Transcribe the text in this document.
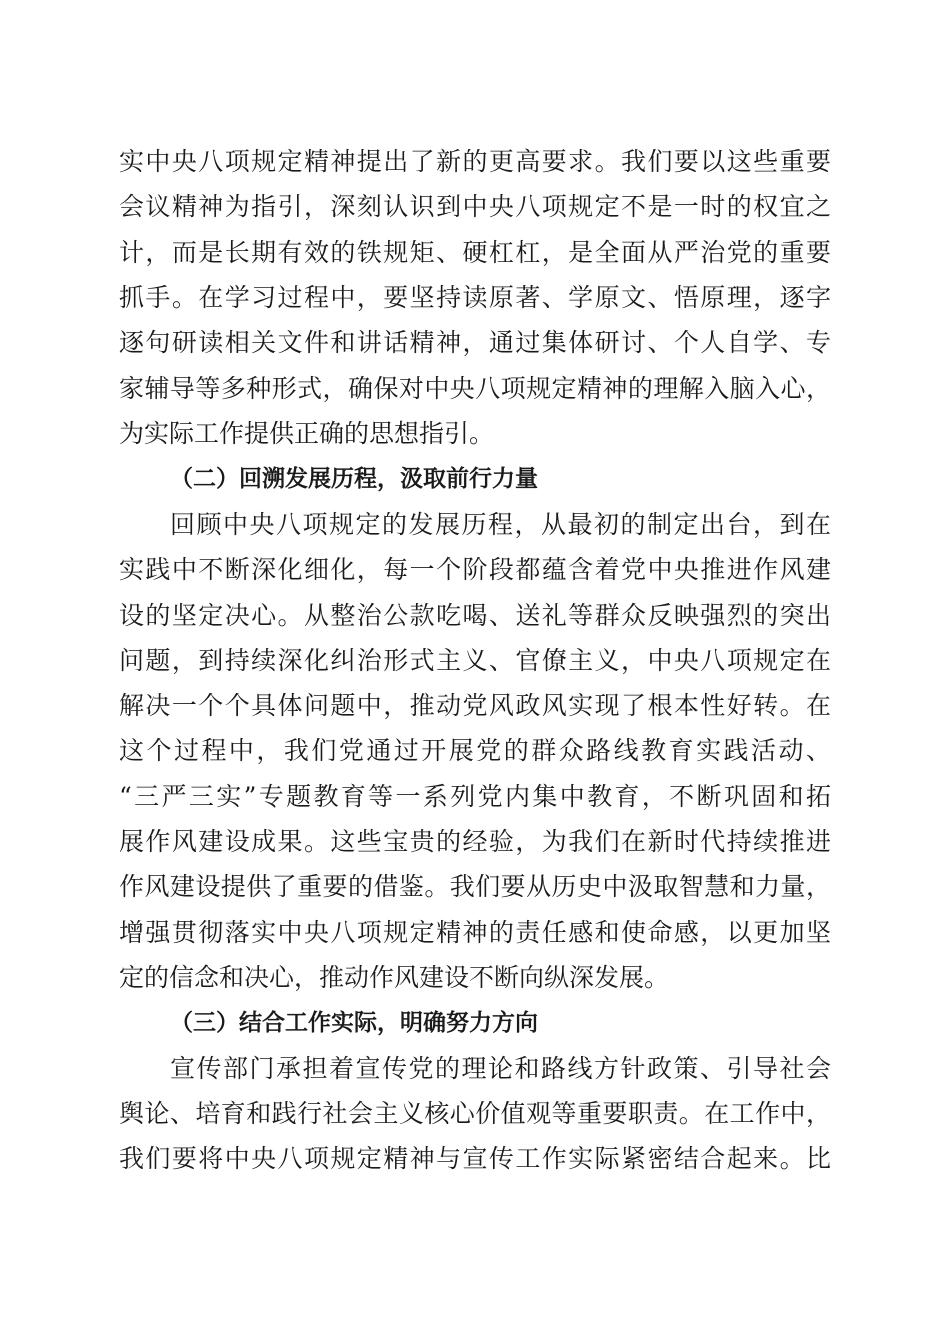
实中央八项规定精神提出了新的更高要求。我们要以这些重要
会议精神为指引，深刻认识到中央八项规定不是一时的权宜之
计，而是长期有效的铁规矩、硬杠杠，是全面从严治党的重要
抓手。在学习过程中，要坚持读原著、学原文、悟原理，逐字
逐句研读相关文件和讲话精神，通过集体研讨、个人自学、专
家辅导等多种形式，确保对中央八项规定精神的理解入脑入心，
为实际工作提供正确的思想指引。
（二）回溯发展历程，汲取前行力量
回顾中央八项规定的发展历程，从最初的制定出台，到在
实践中不断深化细化，每一个阶段都蕴含着党中央推进作风建
设的坚定决心。从整治公款吃喝、送礼等群众反映强烈的突出
问题，到持续深化纠治形式主义、官僚主义，中央八项规定在
解决一个个具体问题中，推动党风政风实现了根本性好转。在
这个过程中，我们党通过开展党的群众路线教育实践活动、
“三严三实”专题教育等一系列党内集中教育，不断巩固和拓
展作风建设成果。这些宝贵的经验，为我们在新时代持续推进
作风建设提供了重要的借鉴。我们要从历史中汲取智慧和力量，
增强贯彻落实中央八项规定精神的责任感和使命感，以更加坚
定的信念和决心，推动作风建设不断向纵深发展。
（三）结合工作实际，明确努力方向
宣传部门承担着宣传党的理论和路线方针政策、引导社会
舆论、培育和践行社会主义核心价值观等重要职责。在工作中，
我们要将中央八项规定精神与宣传工作实际紧密结合起来。比
